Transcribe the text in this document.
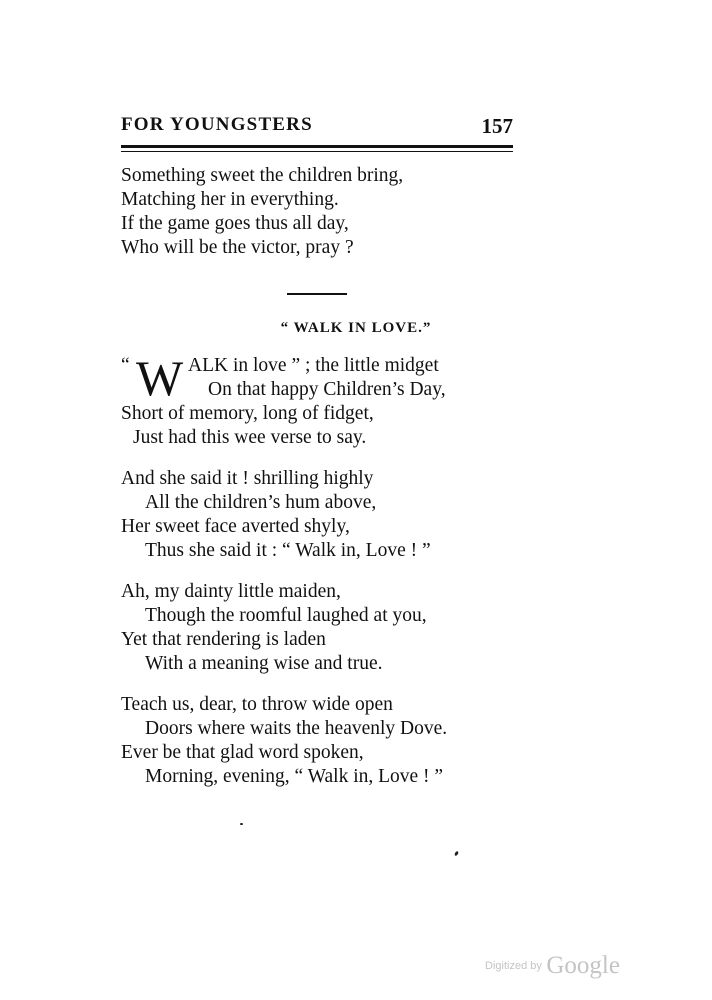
FOR YOUNGSTERS	157
Something sweet the children bring,
Matching her in everything.
If the game goes thus all day,
Who will be the victor, pray ?
“ WALK IN LOVE.”
“ W ALK in love ” ; the little midget
On that happy Children’s Day,
Short of memory, long of fidget,
Just had this wee verse to say.
And she said it ! shrilling highly
All the children’s hum above,
Her sweet face averted shyly,
Thus she said it : “ Walk in, Love ! ”
Ah, my dainty little maiden,
Though the roomful laughed at you,
Yet that rendering is laden
With a meaning wise and true.
Teach us, dear, to throw wide open
Doors where waits the heavenly Dove.
Ever be that glad word spoken,
Morning, evening, “ Walk in, Love ! ”
Digitized by Google
